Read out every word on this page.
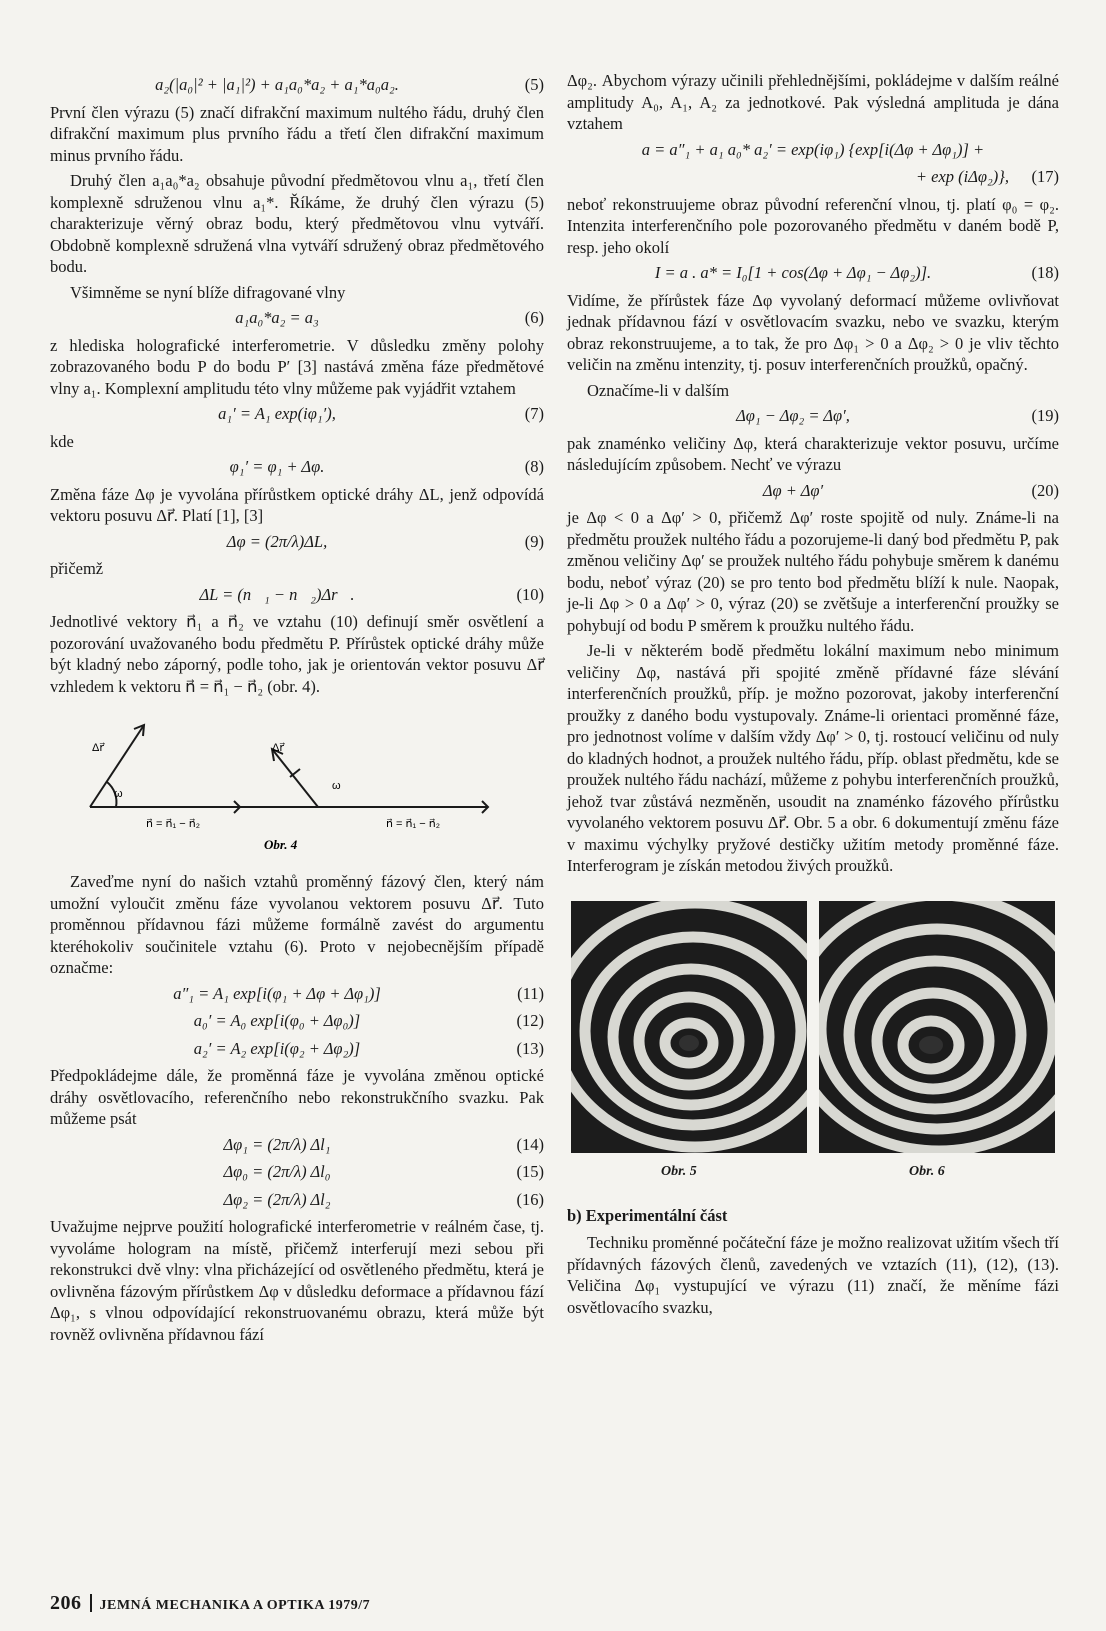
a₂(|a₀|² + |a₁|²) + a₁a₀*a₂ + a₁*a₀a₂.	(5)

První člen výrazu (5) značí difrakční maximum nultého řádu, druhý člen difrakční maximum plus prvního řádu a třetí člen difrakční maximum minus prvního řádu.

Druhý člen a₁a₀*a₂ obsahuje původní předmětovou vlnu a₁, třetí člen komplexně sdruženou vlnu a₁*. Říkáme, že druhý člen výrazu (5) charakterizuje věrný obraz bodu, který předmětovou vlnu vytváří. Obdobně komplexně sdružená vlna vytváří sdružený obraz předmětového bodu.

Všimněme se nyní blíže difragované vlny

a₁a₀*a₂ = a₃	(6)

z hlediska holografické interferometrie. V důsledku změny polohy zobrazovaného bodu P do bodu P′ [3] nastává změna fáze předmětové vlny a₁. Komplexní amplitudu této vlny můžeme pak vyjádřit vztahem

a₁′ = A₁ exp(iφ₁′),	(7)
kde
φ₁′ = φ₁ + Δφ.	(8)

Změna fáze Δφ je vyvolána přírůstkem optické dráhy ΔL, jenž odpovídá vektoru posuvu Δr⃗. Platí [1], [3]

Δφ = (2π/λ)ΔL,	(9)
přičemž
ΔL = (n⃗₁ − n⃗₂)Δr⃗.	(10)

Jednotlivé vektory n⃗₁ a n⃗₂ ve vztahu (10) definují směr osvětlení a pozorování uvažovaného bodu předmětu P. Přírůstek optické dráhy může být kladný nebo záporný, podle toho, jak je orientován vektor posuvu Δr⃗ vzhledem k vektoru n⃗ = n⃗₁ − n⃗₂ (obr. 4).

Δr⃗	Δr⃗
ω
ω
n⃗ = n⃗₁ − n⃗₂	n⃗ = n⃗₁ − n⃗₂
Obr. 4

Zaveďme nyní do našich vztahů proměnný fázový člen, který nám umožní vyloučit změnu fáze vyvolanou vektorem posuvu Δr⃗. Tuto proměnnou přídavnou fázi můžeme formálně zavést do argumentu kteréhokoliv součinitele vztahu (6). Proto v nejobecnějším případě označme:

a″₁ = A₁ exp[i(φ₁ + Δφ + Δφ₁)]	(11)
a₀′ = A₀ exp[i(φ₀ + Δφ₀)]	(12)
a₂′ = A₂ exp[i(φ₂ + Δφ₂)]	(13)

Předpokládejme dále, že proměnná fáze je vyvolána změnou optické dráhy osvětlovacího, referenčního nebo rekonstrukčního svazku. Pak můžeme psát

Δφ₁ = (2π/λ) Δl₁	(14)
Δφ₀ = (2π/λ) Δl₀	(15)
Δφ₂ = (2π/λ) Δl₂	(16)

Uvažujme nejprve použití holografické interferometrie v reálném čase, tj. vyvoláme hologram na místě, přičemž interferují mezi sebou při rekonstrukci dvě vlny: vlna přicházející od osvětleného předmětu, která je ovlivněna fázovým přírůstkem Δφ v důsledku deformace a přídavnou fází Δφ₁, s vlnou odpovídající rekonstruovanému obrazu, která může být rovněž ovlivněna přídavnou fází

Δφ₂. Abychom výrazy učinili přehlednějšími, pokládejme v dalším reálné amplitudy A₀, A₁, A₂ za jednotkové. Pak výsledná amplituda je dána vztahem

a = a″₁ + a₁ a₀* a₂′ = exp(iφ₁) {exp[i(Δφ + Δφ₁)] +
+ exp (iΔφ₂)},	(17)

neboť rekonstruujeme obraz původní referenční vlnou, tj. platí φ₀ = φ₂. Intenzita interferenčního pole pozorovaného předmětu v daném bodě P, resp. jeho okolí

I = a . a* = I₀[1 + cos(Δφ + Δφ₁ − Δφ₂)].	(18)

Vidíme, že přírůstek fáze Δφ vyvolaný deformací můžeme ovlivňovat jednak přídavnou fází v osvětlovacím svazku, nebo ve svazku, kterým obraz rekonstruujeme, a to tak, že pro Δφ₁ > 0 a Δφ₂ > 0 je vliv těchto veličin na změnu intenzity, tj. posuv interferenčních proužků, opačný.

Označíme-li v dalším

Δφ₁ − Δφ₂ = Δφ′,	(19)

pak znaménko veličiny Δφ, která charakterizuje vektor posuvu, určíme následujícím způsobem. Nechť ve výrazu

Δφ + Δφ′	(20)

je Δφ < 0 a Δφ′ > 0, přičemž Δφ′ roste spojitě od nuly. Známe-li na předmětu proužek nultého řádu a pozorujeme-li daný bod předmětu P, pak změnou veličiny Δφ′ se proužek nultého řádu pohybuje směrem k danému bodu, neboť výraz (20) se pro tento bod předmětu blíží k nule. Naopak, je-li Δφ > 0 a Δφ′ > 0, výraz (20) se zvětšuje a interferenční proužky se pohybují od bodu P směrem k proužku nultého řádu.

Je-li v některém bodě předmětu lokální maximum nebo minimum veličiny Δφ, nastává při spojité změně přídavné fáze slévání interferenčních proužků, příp. je možno pozorovat, jakoby interferenční proužky z daného bodu vystupovaly. Známe-li orientaci proměnné fáze, pro jednotnost volíme v dalším vždy Δφ′ > 0, tj. rostoucí veličinu od nuly do kladných hodnot, a proužek nultého řádu, příp. oblast předmětu, kde se proužek nultého řádu nachází, můžeme z pohybu interferenčních proužků, jehož tvar zůstává nezměněn, usoudit na znaménko fázového přírůstku vyvolaného vektorem posuvu Δr⃗. Obr. 5 a obr. 6 dokumentují změnu fáze v maximu výchylky pryžové destičky užitím metody proměnné fáze. Interferogram je získán metodou živých proužků.

Obr. 5	Obr. 6
b) Experimentální část

Techniku proměnné počáteční fáze je možno realizovat užitím všech tří přídavných fázových členů, zavedených ve vztazích (11), (12), (13). Veličina Δφ₁ vystupující ve výrazu (11) značí, že měníme fázi osvětlovacího svazku,

206 JEMNÁ MECHANIKA A OPTIKA 1979/7
